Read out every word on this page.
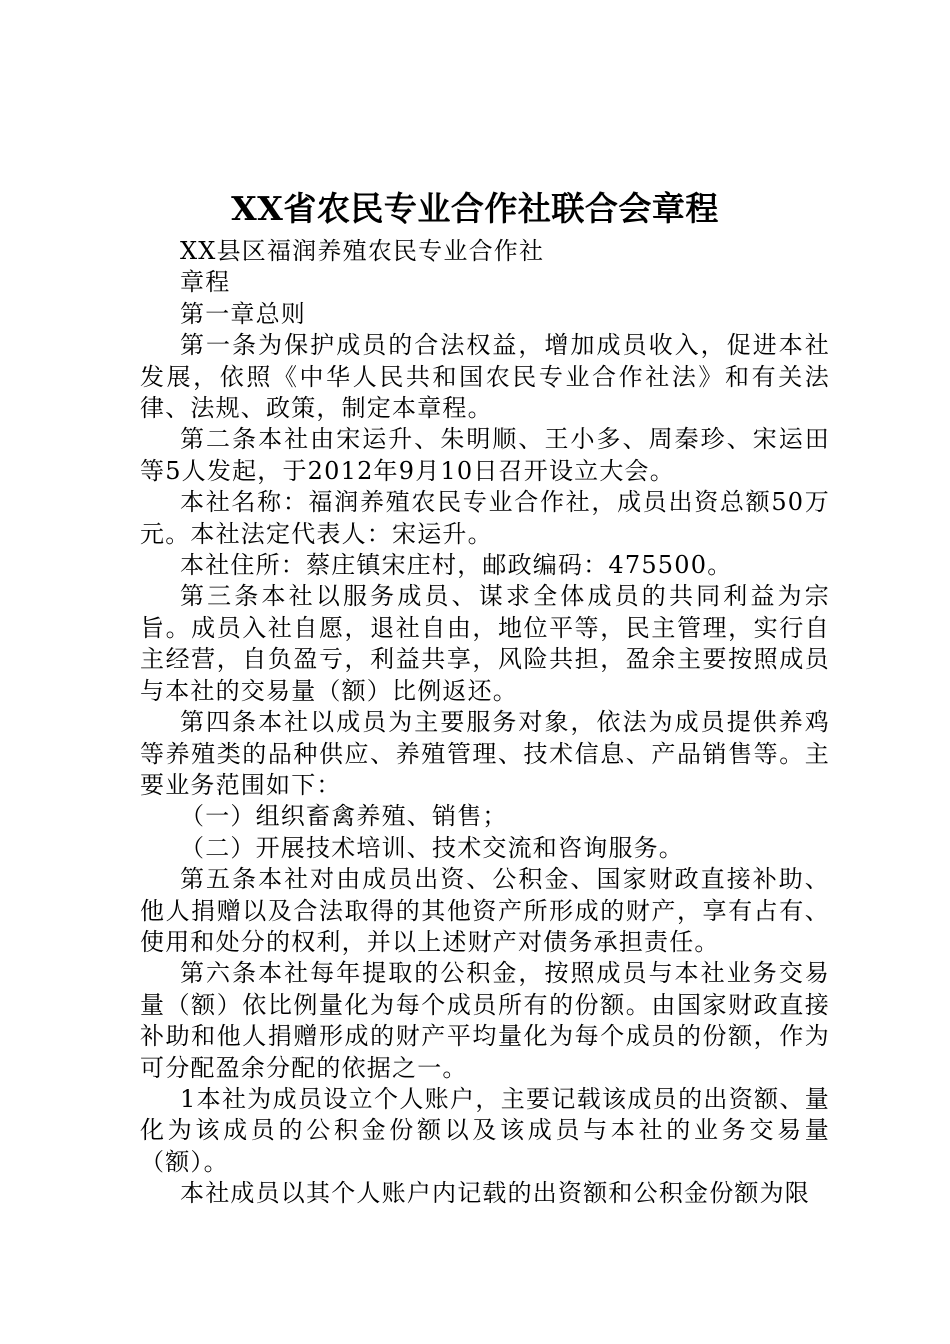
XX省农民专业合作社联合会章程

XX县区福润养殖农民专业合作社

章程

第一章总则

第一条为保护成员的合法权益，增加成员收入，促进本社发展，依照《中华人民共和国农民专业合作社法》和有关法律、法规、政策，制定本章程。

第二条本社由宋运升、朱明顺、王小多、周秦珍、宋运田等5人发起，于2012年9月10日召开设立大会。

本社名称：福润养殖农民专业合作社，成员出资总额50万元。本社法定代表人：宋运升。

本社住所：蔡庄镇宋庄村，邮政编码：475500。

第三条本社以服务成员、谋求全体成员的共同利益为宗旨。成员入社自愿，退社自由，地位平等，民主管理，实行自主经营，自负盈亏，利益共享，风险共担，盈余主要按照成员与本社的交易量（额）比例返还。

第四条本社以成员为主要服务对象，依法为成员提供养鸡等养殖类的品种供应、养殖管理、技术信息、产品销售等。主要业务范围如下：

（一）组织畜禽养殖、销售；

（二）开展技术培训、技术交流和咨询服务。

第五条本社对由成员出资、公积金、国家财政直接补助、他人捐赠以及合法取得的其他资产所形成的财产，享有占有、使用和处分的权利，并以上述财产对债务承担责任。

第六条本社每年提取的公积金，按照成员与本社业务交易量（额）依比例量化为每个成员所有的份额。由国家财政直接补助和他人捐赠形成的财产平均量化为每个成员的份额，作为可分配盈余分配的依据之一。

1本社为成员设立个人账户，主要记载该成员的出资额、量化为该成员的公积金份额以及该成员与本社的业务交易量（额）。

本社成员以其个人账户内记载的出资额和公积金份额为限
